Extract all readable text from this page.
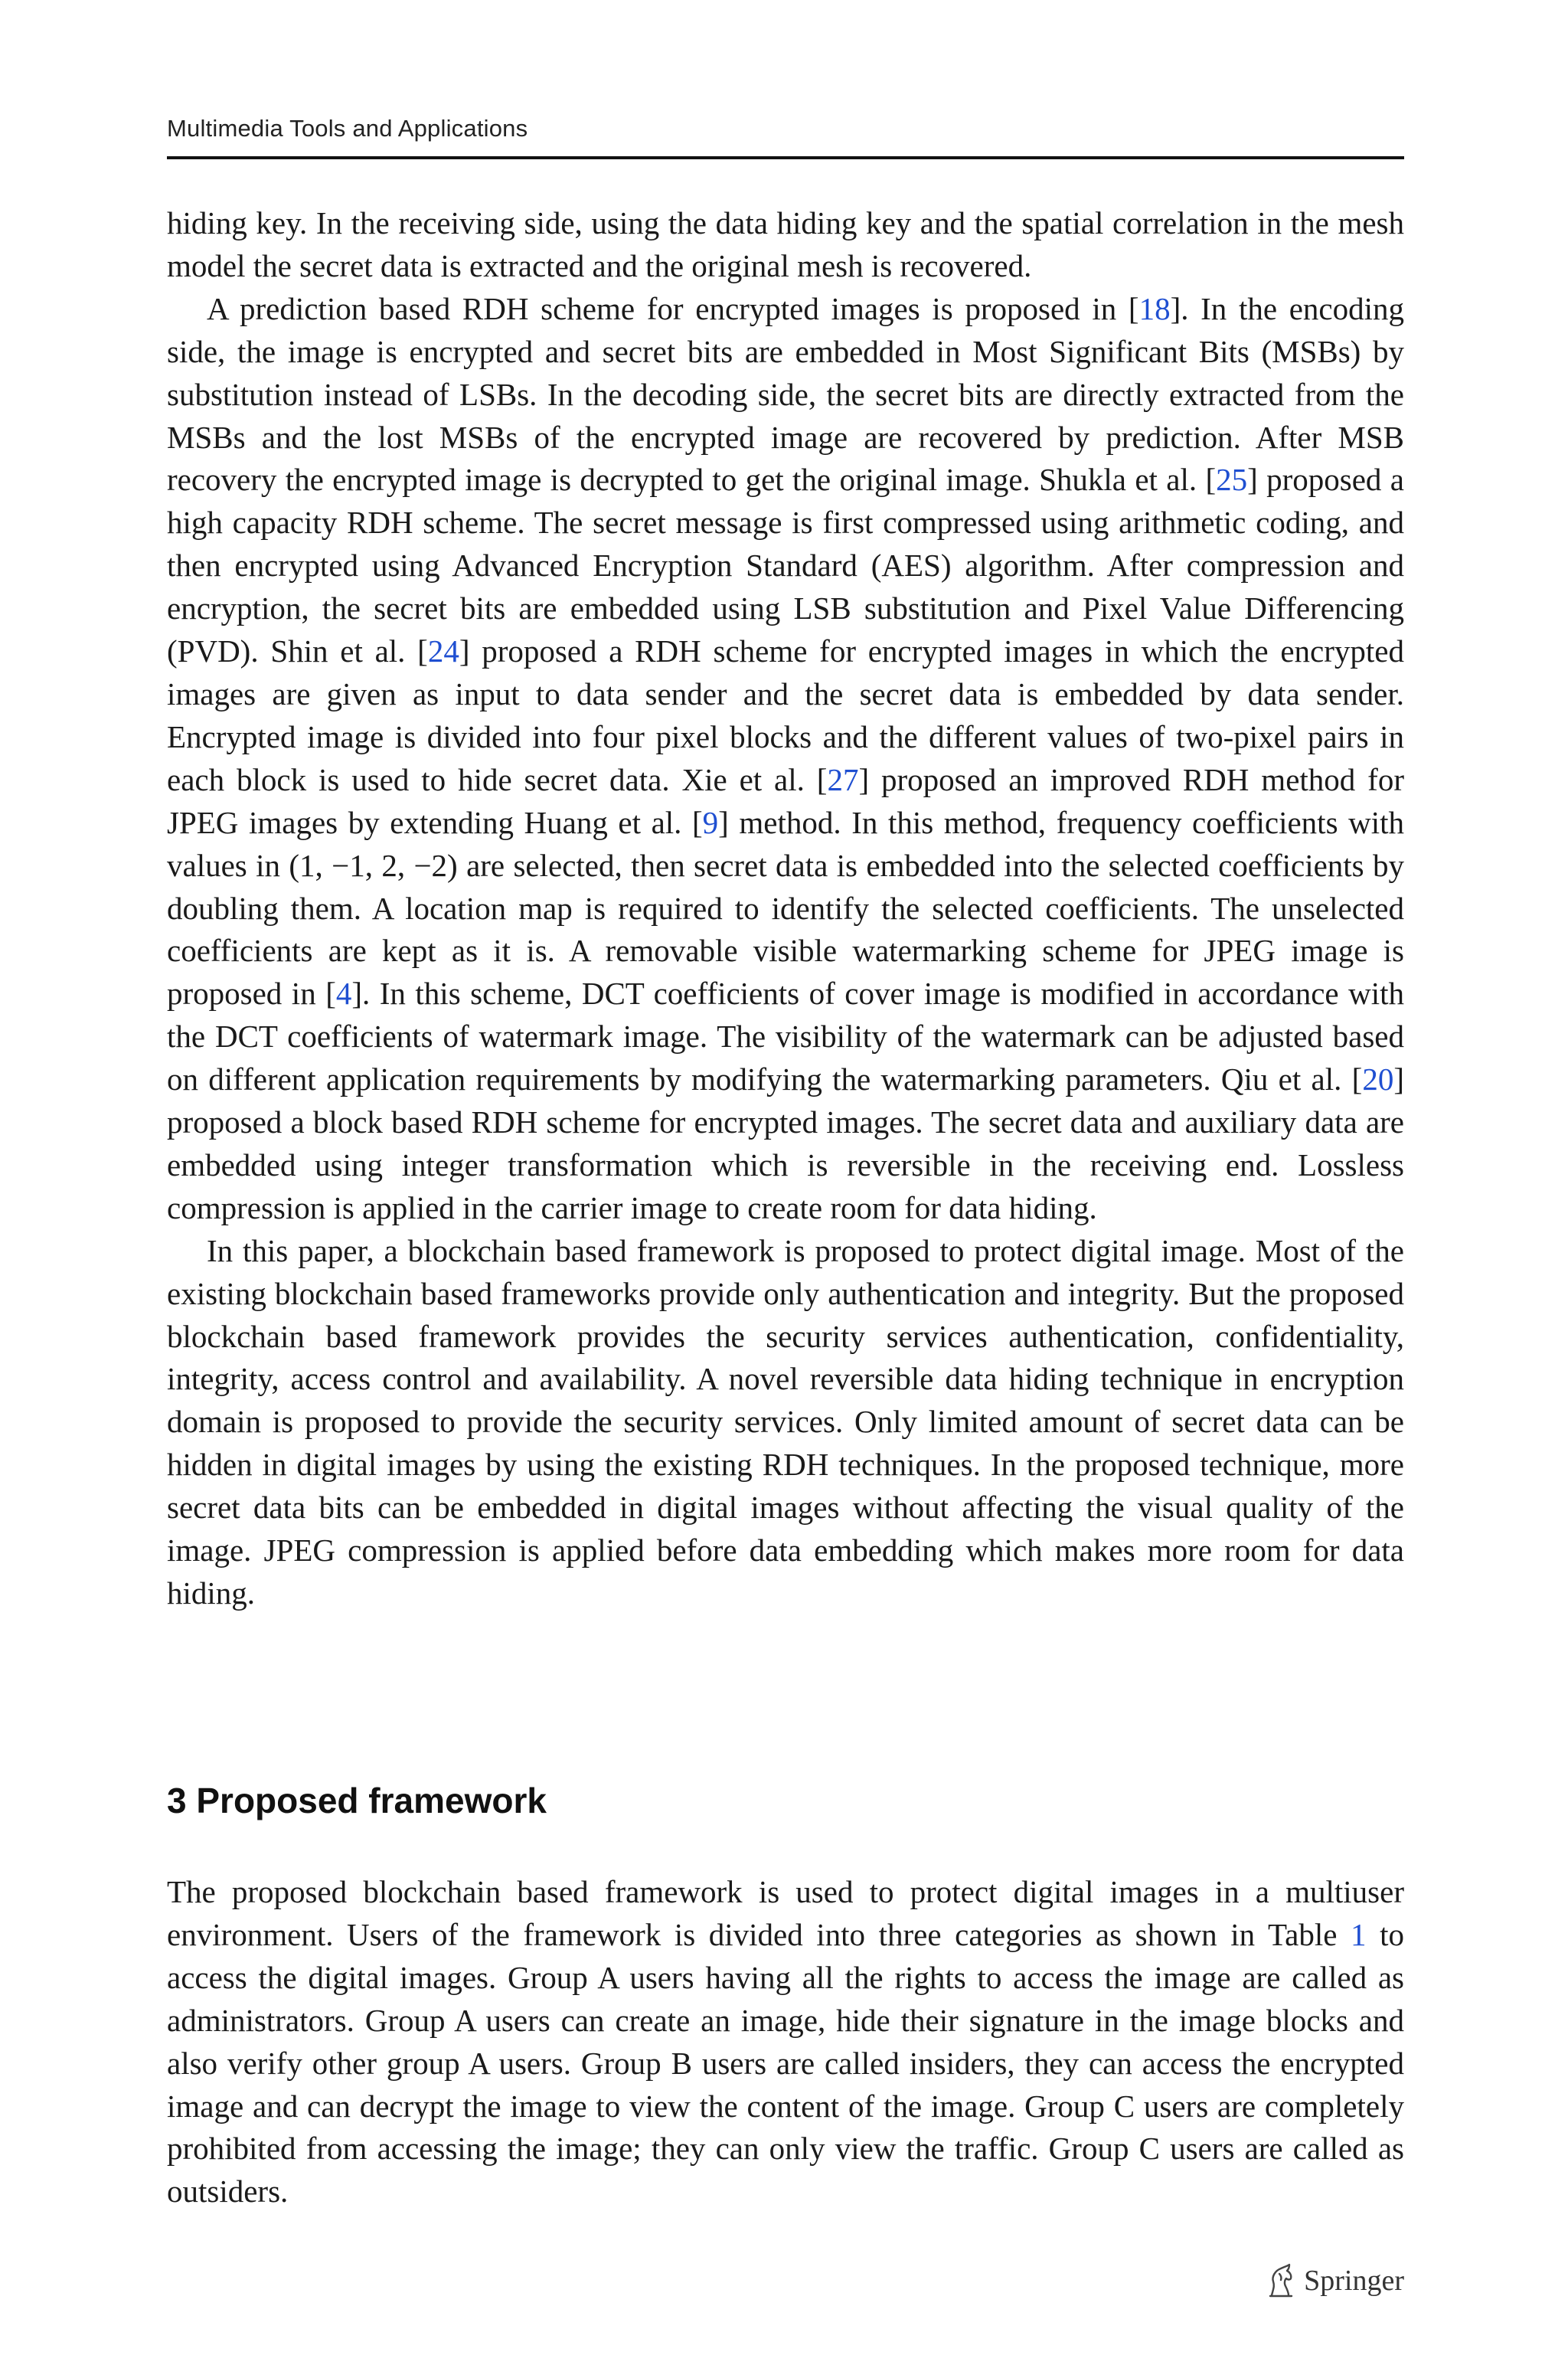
Multimedia Tools and Applications

hiding key. In the receiving side, using the data hiding key and the spatial correlation in the mesh model the secret data is extracted and the original mesh is recovered.

A prediction based RDH scheme for encrypted images is proposed in [18]. In the encoding side, the image is encrypted and secret bits are embedded in Most Significant Bits (MSBs) by substitution instead of LSBs. In the decoding side, the secret bits are directly extracted from the MSBs and the lost MSBs of the encrypted image are recovered by prediction. After MSB recovery the encrypted image is decrypted to get the original image. Shukla et al. [25] proposed a high capacity RDH scheme. The secret message is first compressed using arithmetic coding, and then encrypted using Advanced Encryption Standard (AES) algorithm. After compression and encryption, the secret bits are embedded using LSB substitution and Pixel Value Differencing (PVD). Shin et al. [24] proposed a RDH scheme for encrypted images in which the encrypted images are given as input to data sender and the secret data is embedded by data sender. Encrypted image is divided into four pixel blocks and the different values of two-pixel pairs in each block is used to hide secret data. Xie et al. [27] proposed an improved RDH method for JPEG images by extending Huang et al. [9] method. In this method, frequency coefficients with values in (1, −1, 2, −2) are selected, then secret data is embedded into the selected coefficients by doubling them. A location map is required to identify the selected coefficients. The unselected coefficients are kept as it is. A removable visible watermarking scheme for JPEG image is proposed in [4]. In this scheme, DCT coefficients of cover image is modified in accordance with the DCT coefficients of watermark image. The visibility of the watermark can be adjusted based on different application requirements by modifying the watermarking parameters. Qiu et al. [20] proposed a block based RDH scheme for encrypted images. The secret data and auxiliary data are embedded using integer transformation which is reversible in the receiving end. Lossless compression is applied in the carrier image to create room for data hiding.

In this paper, a blockchain based framework is proposed to protect digital image. Most of the existing blockchain based frameworks provide only authentication and integrity. But the proposed blockchain based framework provides the security services authentication, confidentiality, integrity, access control and availability. A novel reversible data hiding technique in encryption domain is proposed to provide the security services. Only limited amount of secret data can be hidden in digital images by using the existing RDH techniques. In the proposed technique, more secret data bits can be embedded in digital images without affecting the visual quality of the image. JPEG compression is applied before data embedding which makes more room for data hiding.

3 Proposed framework

The proposed blockchain based framework is used to protect digital images in a multiuser environment. Users of the framework is divided into three categories as shown in Table 1 to access the digital images. Group A users having all the rights to access the image are called as administrators. Group A users can create an image, hide their signature in the image blocks and also verify other group A users. Group B users are called insiders, they can access the encrypted image and can decrypt the image to view the content of the image. Group C users are completely prohibited from accessing the image; they can only view the traffic. Group C users are called as outsiders.

Springer
